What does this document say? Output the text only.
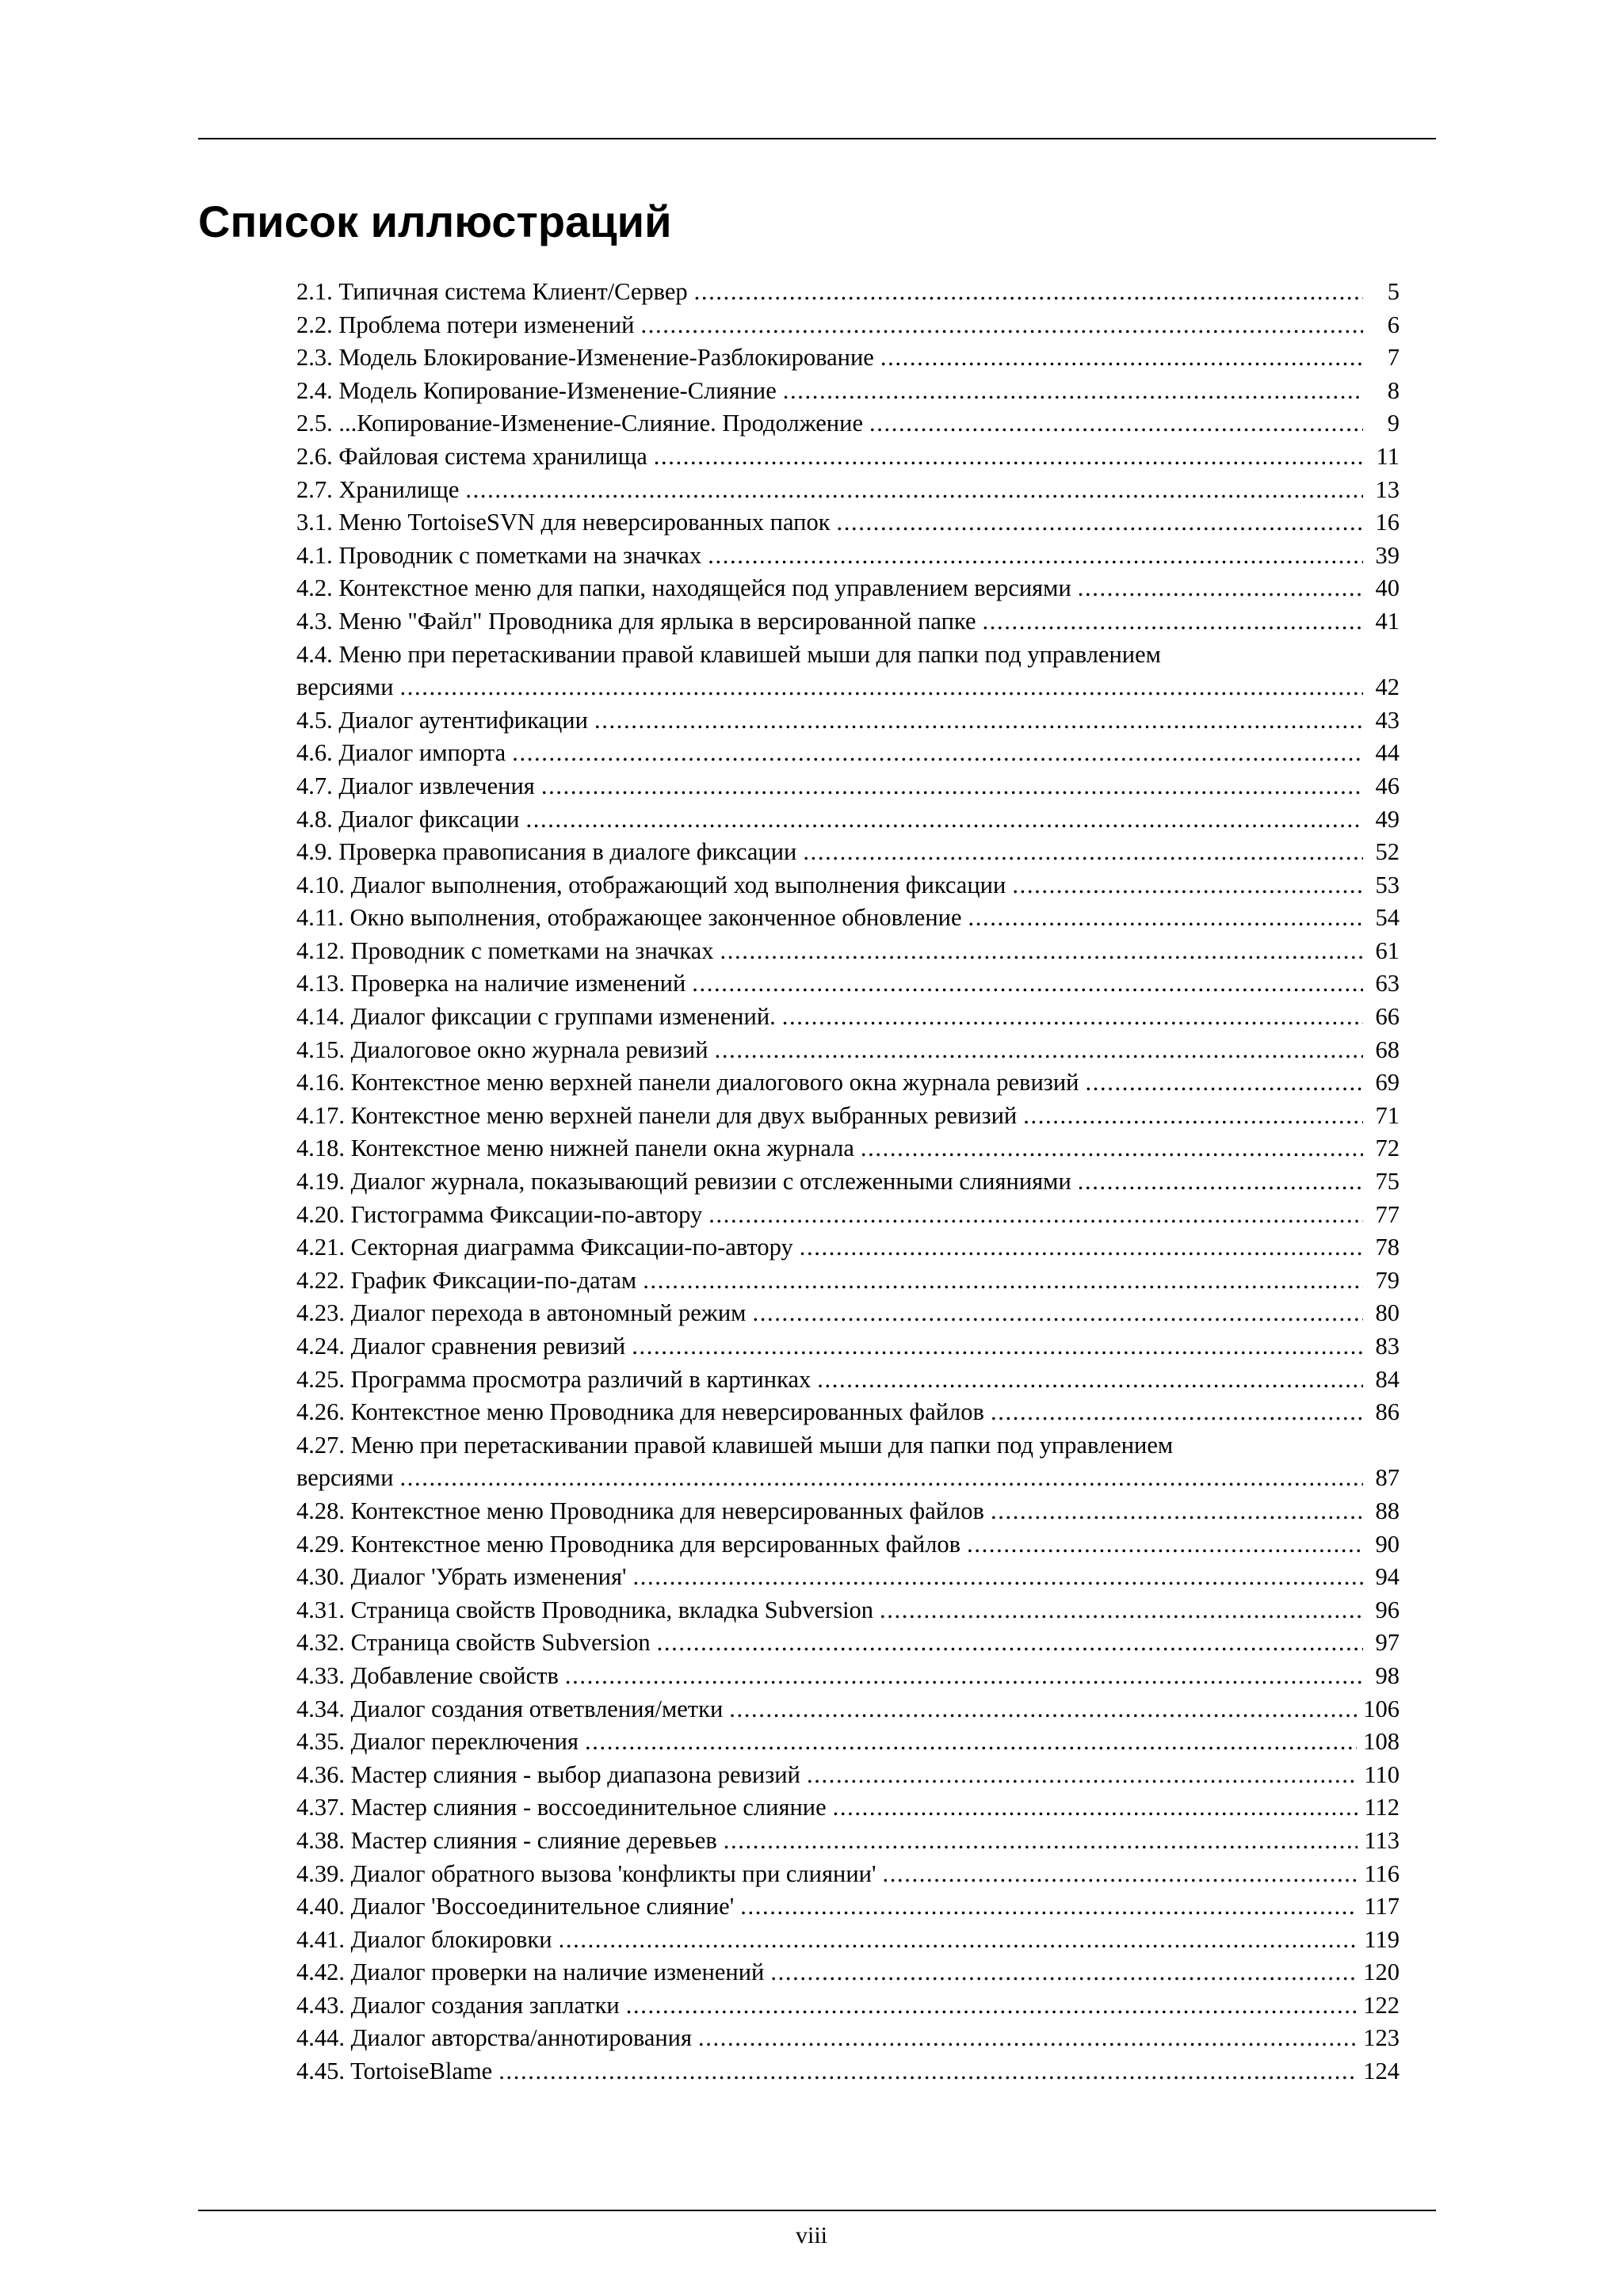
Список иллюстраций
2.1. Типичная система Клиент/Сервер . . .	5
2.2. Проблема потери изменений . . .	6
2.3. Модель Блокирование-Изменение-Разблокирование . . .	7
2.4. Модель Копирование-Изменение-Слияние . . .	8
2.5. ...Копирование-Изменение-Слияние. Продолжение . . .	9
2.6. Файловая система хранилища . . .	11
2.7. Хранилище . . .	13
3.1. Меню TortoiseSVN для неверсированных папок . . .	16
4.1. Проводник с пометками на значках . . .	39
4.2. Контекстное меню для папки, находящейся под управлением версиями . . .	40
4.3. Меню "Файл" Проводника для ярлыка в версированной папке . . .	41
4.4. Меню при перетаскивании правой клавишей мыши для папки под управлением
версиями . . .	42
4.5. Диалог аутентификации . . .	43
4.6. Диалог импорта . . .	44
4.7. Диалог извлечения . . .	46
4.8. Диалог фиксации . . .	49
4.9. Проверка правописания в диалоге фиксации . . .	52
4.10. Диалог выполнения, отображающий ход выполнения фиксации . . .	53
4.11. Окно выполнения, отображающее законченное обновление . . .	54
4.12. Проводник с пометками на значках . . .	61
4.13. Проверка на наличие изменений . . .	63
4.14. Диалог фиксации с группами изменений. . . .	66
4.15. Диалоговое окно журнала ревизий . . .	68
4.16. Контекстное меню верхней панели диалогового окна журнала ревизий . . .	69
4.17. Контекстное меню верхней панели для двух выбранных ревизий . . .	71
4.18. Контекстное меню нижней панели окна журнала . . .	72
4.19. Диалог журнала, показывающий ревизии с отслеженными слияниями . . .	75
4.20. Гистограмма Фиксации-по-автору . . .	77
4.21. Секторная диаграмма Фиксации-по-автору . . .	78
4.22. График Фиксации-по-датам . . .	79
4.23. Диалог перехода в автономный режим . . .	80
4.24. Диалог сравнения ревизий . . .	83
4.25. Программа просмотра различий в картинках . . .	84
4.26. Контекстное меню Проводника для неверсированных файлов . . .	86
4.27. Меню при перетаскивании правой клавишей мыши для папки под управлением
версиями . . .	87
4.28. Контекстное меню Проводника для неверсированных файлов . . .	88
4.29. Контекстное меню Проводника для версированных файлов . . .	90
4.30. Диалог 'Убрать изменения' . . .	94
4.31. Страница свойств Проводника, вкладка Subversion . . .	96
4.32. Страница свойств Subversion . . .	97
4.33. Добавление свойств . . .	98
4.34. Диалог создания ответвления/метки . . .	106
4.35. Диалог переключения . . .	108
4.36. Мастер слияния - выбор диапазона ревизий . . .	110
4.37. Мастер слияния - воссоединительное слияние . . .	112
4.38. Мастер слияния - слияние деревьев . . .	113
4.39. Диалог обратного вызова 'конфликты при слиянии' . . .	116
4.40. Диалог 'Воссоединительное слияние' . . .	117
4.41. Диалог блокировки . . .	119
4.42. Диалог проверки на наличие изменений . . .	120
4.43. Диалог создания заплатки . . .	122
4.44. Диалог авторства/аннотирования . . .	123
4.45. TortoiseBlame . . .	124
viii
